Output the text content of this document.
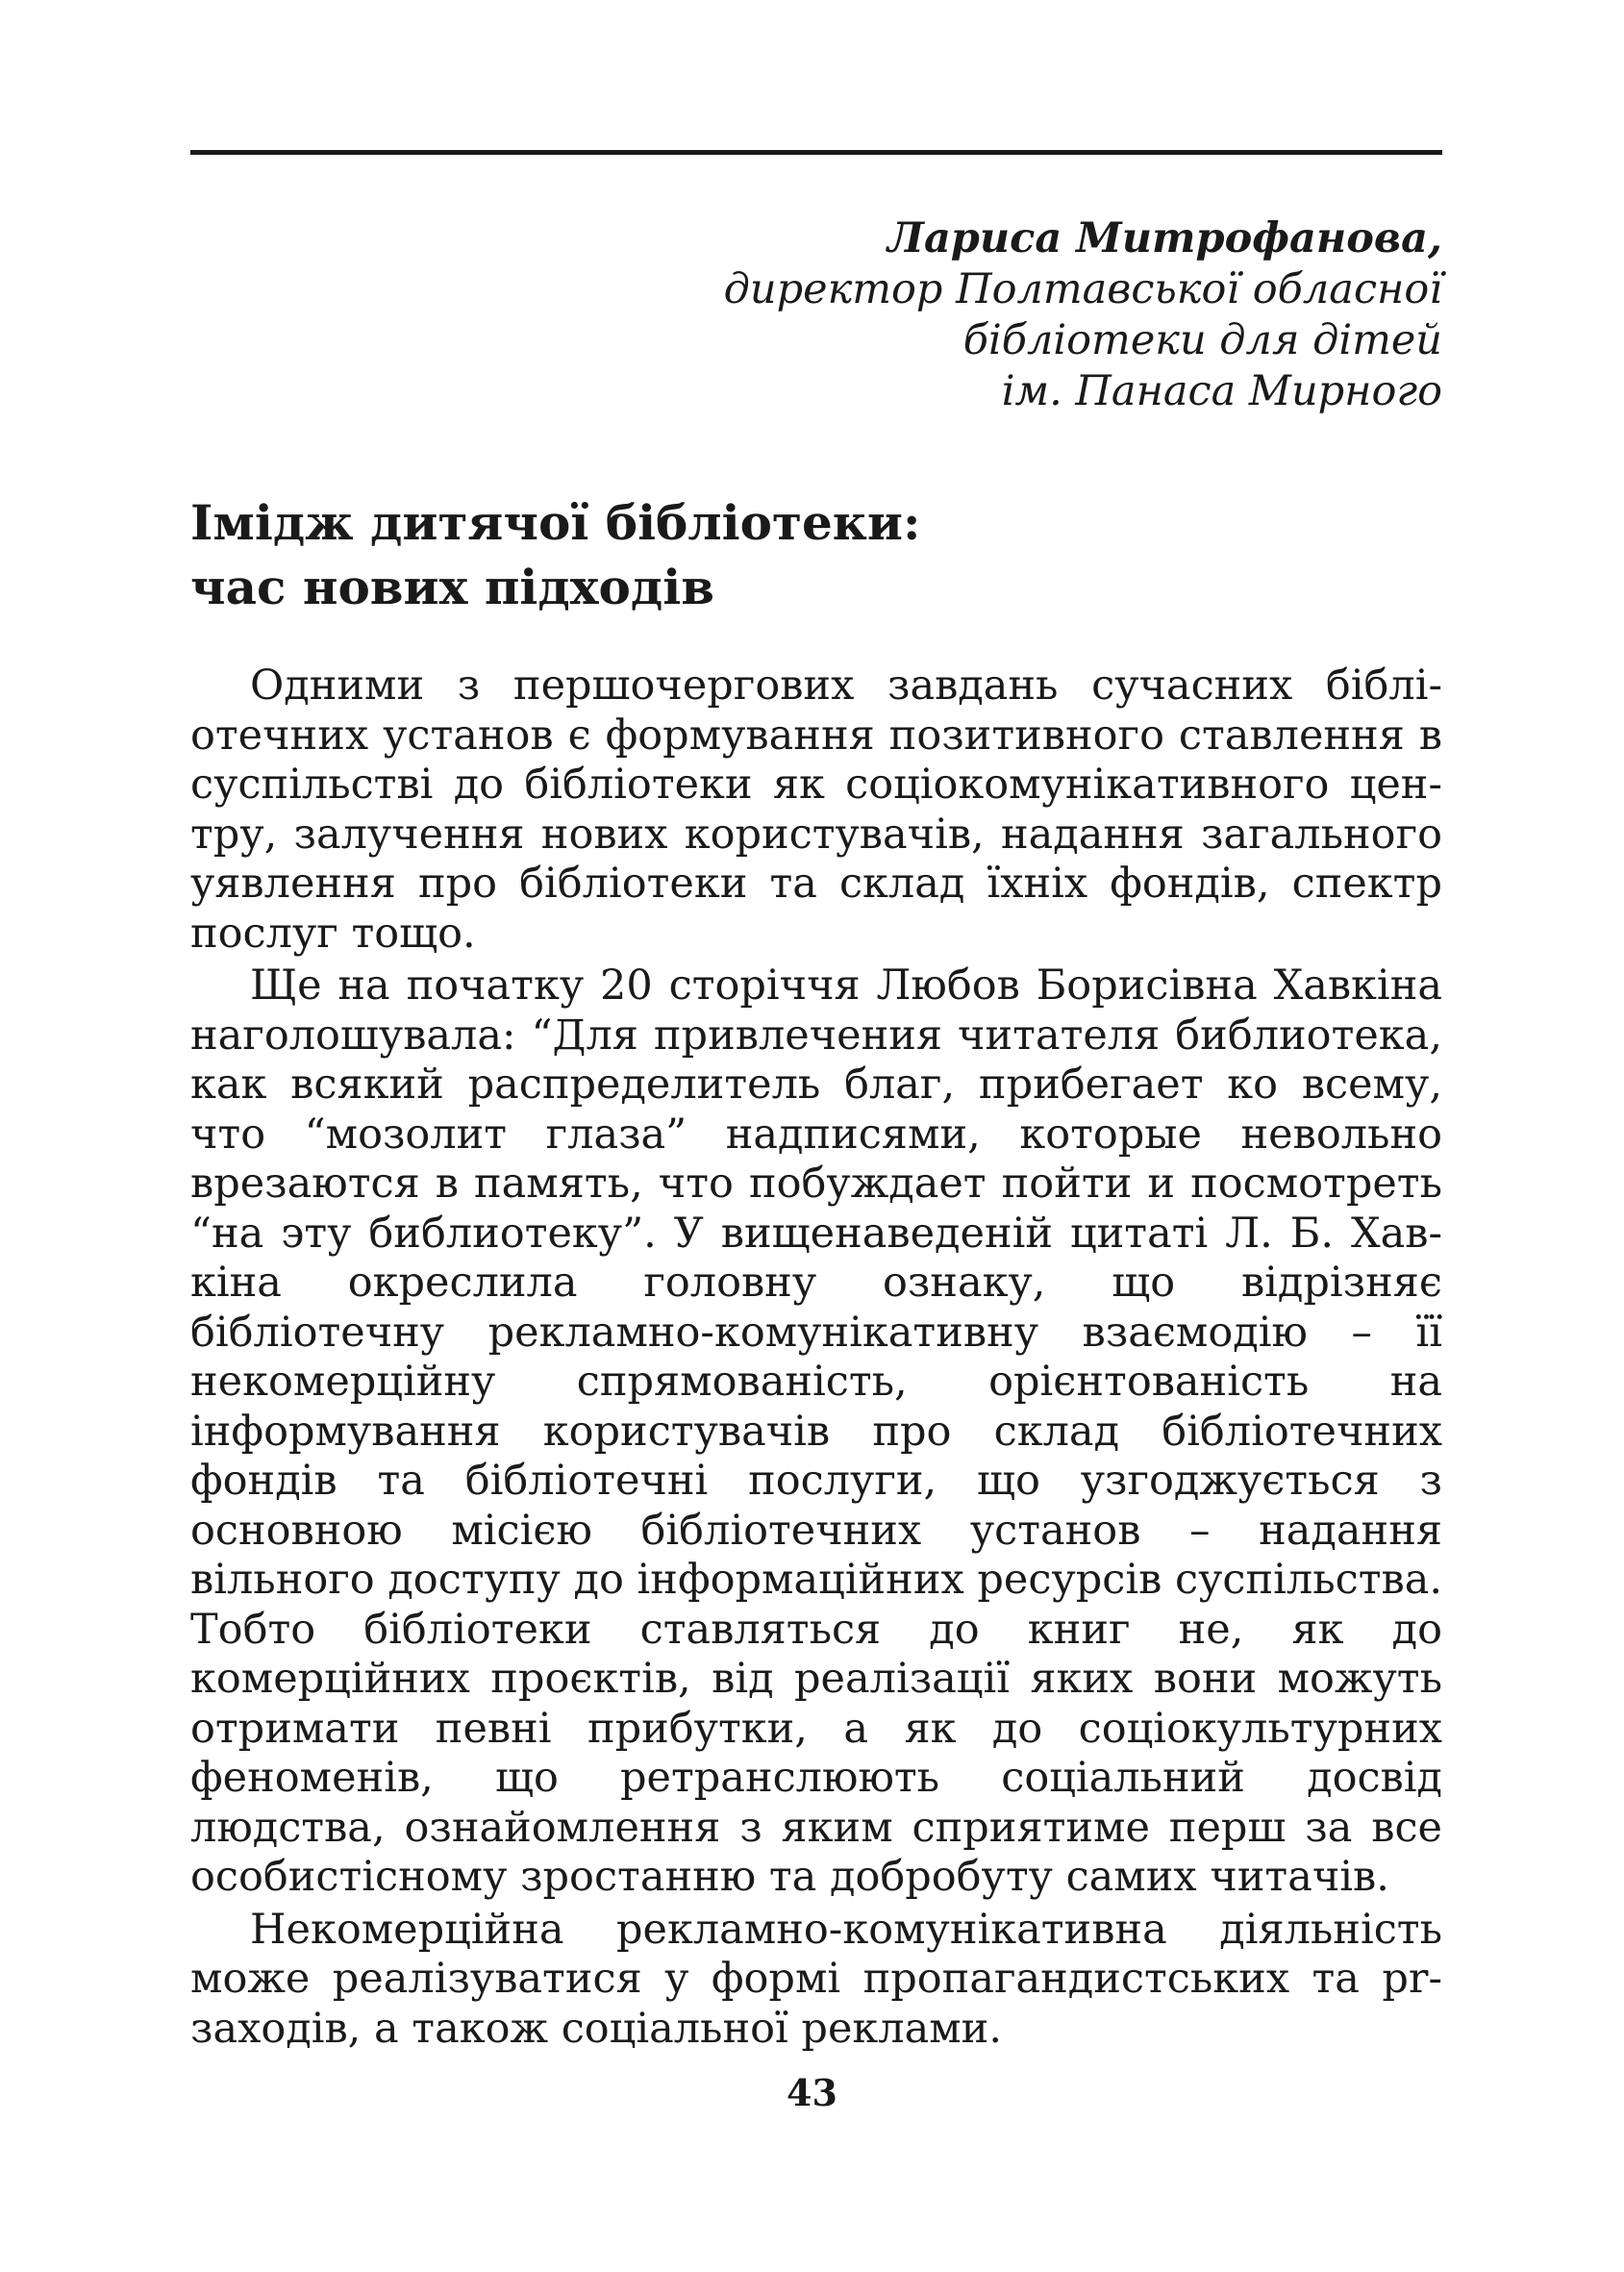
Лариса Митрофанова,
директор Полтавської обласної
бібліотеки для дітей
ім. Панаса Мирного
Імідж дитячої бібліотеки:
час нових підходів

Одними з першочергових завдань сучасних бібліотечних установ є формування позитивного ставлення в суспільстві до бібліотеки як соціокомунікативного центру, залучення нових користувачів, надання загального уявлення про бібліотеки та склад їхніх фондів, спектр послуг тощо.

Ще на початку 20 сторіччя Любов Борисівна Хавкіна наголошувала: “Для привлечения читателя библиотека, как всякий распределитель благ, прибегает ко всему, что “мозолит глаза” надписями, которые невольно врезаются в память, что побуждает пойти и посмотреть “на эту библиотеку”. У вищенаведеній цитаті Л. Б. Хавкіна окреслила головну ознаку, що відрізняє бібліотечну рекламно-комунікативну взаємодію – її некомерційну спрямованість, орієнтованість на інформування користувачів про склад бібліотечних фондів та бібліотечні послуги, що узгоджується з основною місією бібліотечних установ – надання вільного доступу до інформаційних ресурсів суспільства. Тобто бібліотеки ставляться до книг не, як до комерційних проєктів, від реалізації яких вони можуть отримати певні прибутки, а як до соціокультурних феноменів, що ретранслюють соціальний досвід людства, ознайомлення з яким сприятиме перш за все особистісному зростанню та добробуту самих читачів.

Некомерційна рекламно-комунікативна діяльність може реалізуватися у формі пропагандистських та pr-заходів, а також соціальної реклами.

43
